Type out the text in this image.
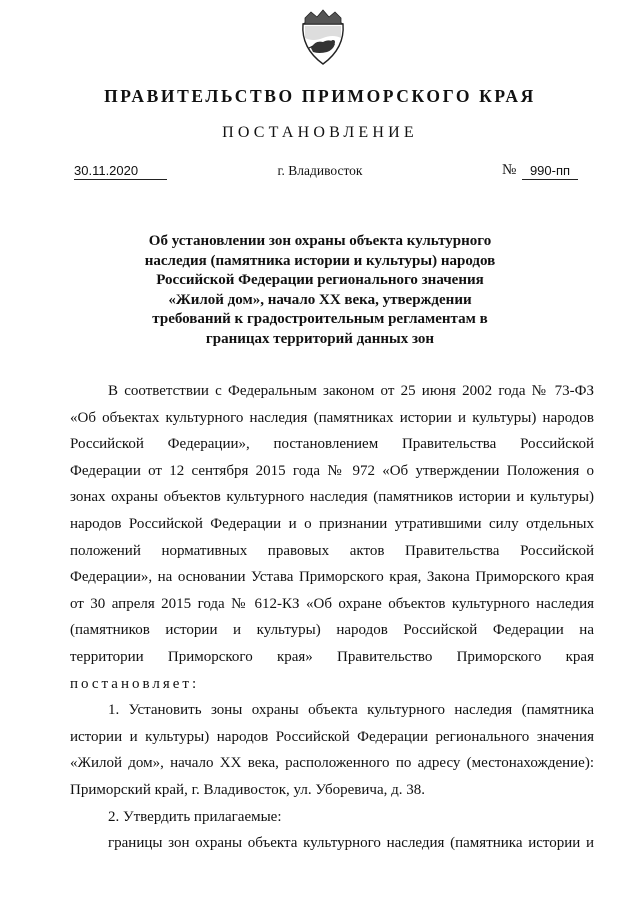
ПРАВИТЕЛЬСТВО ПРИМОРСКОГО КРАЯ
ПОСТАНОВЛЕНИЕ
30.11.2020	г. Владивосток	№	990-пп
Об установлении зон охраны объекта культурного
наследия (памятника истории и культуры) народов
Российской Федерации регионального значения
«Жилой дом», начало XX века, утверждении
требований к градостроительным регламентам в
границах территорий данных зон
В соответствии с Федеральным законом от 25 июня 2002 года № 73-ФЗ
«Об объектах культурного наследия (памятниках истории и культуры) народов
Российской Федерации», постановлением Правительства Российской
Федерации от 12 сентября 2015 года № 972 «Об утверждении Положения о
зонах охраны объектов культурного наследия (памятников истории и культуры)
народов Российской Федерации и о признании утратившими силу отдельных
положений нормативных правовых актов Правительства Российской
Федерации», на основании Устава Приморского края, Закона Приморского края
от 30 апреля 2015 года № 612-КЗ «Об охране объектов культурного наследия
(памятников истории и культуры) народов Российской Федерации на
территории Приморского края» Правительство Приморского края
постановляет:
1. Установить зоны охраны объекта культурного наследия (памятника
истории и культуры) народов Российской Федерации регионального значения
«Жилой дом», начало XX века, расположенного по адресу (местонахождение):
Приморский край, г. Владивосток, ул. Уборевича, д. 38.
2. Утвердить прилагаемые:
границы зон охраны объекта культурного наследия (памятника истории и
